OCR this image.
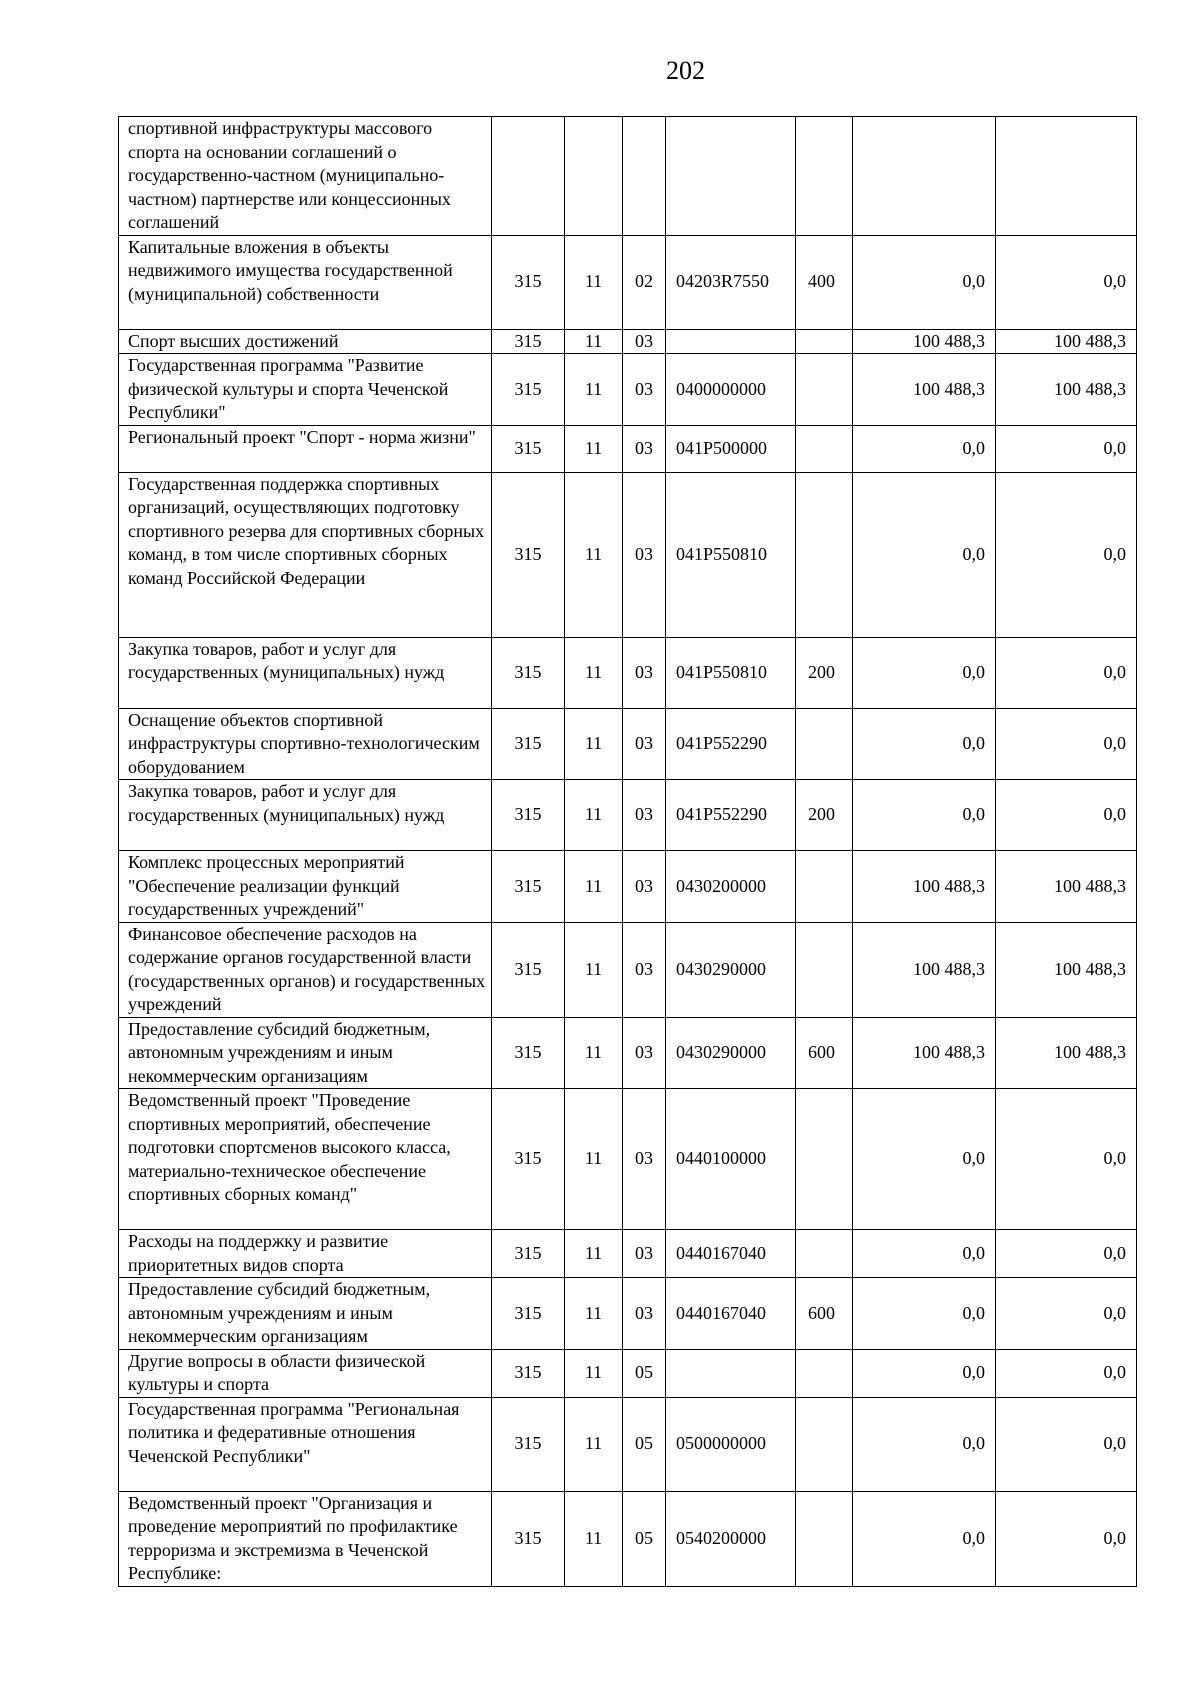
202
спортивной инфраструктуры массового спорта на основании соглашений о государственно-частном (муниципально-частном) партнерстве или концессионных соглашений							
Капитальные вложения в объекты недвижимого имущества государственной (муниципальной) собственности	315	11	02	04203R7550	400	0,0	0,0
Спорт высших достижений	315	11	03			100 488,3	100 488,3
Государственная программа "Развитие физической культуры и спорта Чеченской Республики"	315	11	03	0400000000		100 488,3	100 488,3
Региональный проект "Спорт - норма жизни"	315	11	03	041P500000		0,0	0,0
Государственная поддержка спортивных организаций, осуществляющих подготовку спортивного резерва для спортивных сборных команд, в том числе спортивных сборных команд Российской Федерации	315	11	03	041P550810		0,0	0,0
Закупка товаров, работ и услуг для государственных (муниципальных) нужд	315	11	03	041P550810	200	0,0	0,0
Оснащение объектов спортивной инфраструктуры спортивно-технологическим оборудованием	315	11	03	041P552290		0,0	0,0
Закупка товаров, работ и услуг для государственных (муниципальных) нужд	315	11	03	041P552290	200	0,0	0,0
Комплекс процессных мероприятий "Обеспечение реализации функций государственных учреждений"	315	11	03	0430200000		100 488,3	100 488,3
Финансовое обеспечение расходов на содержание органов государственной власти (государственных органов) и государственных учреждений	315	11	03	0430290000		100 488,3	100 488,3
Предоставление субсидий бюджетным, автономным учреждениям и иным некоммерческим организациям	315	11	03	0430290000	600	100 488,3	100 488,3
Ведомственный проект "Проведение спортивных мероприятий, обеспечение подготовки спортсменов высокого класса, материально-техническое обеспечение спортивных сборных команд"	315	11	03	0440100000		0,0	0,0
Расходы на поддержку и развитие приоритетных видов спорта	315	11	03	0440167040		0,0	0,0
Предоставление субсидий бюджетным, автономным учреждениям и иным некоммерческим организациям	315	11	03	0440167040	600	0,0	0,0
Другие вопросы в области физической культуры и спорта	315	11	05			0,0	0,0
Государственная программа "Региональная политика и федеративные отношения Чеченской Республики"	315	11	05	0500000000		0,0	0,0
Ведомственный проект "Организация и проведение мероприятий по профилактике терроризма и экстремизма в Чеченской Республике:	315	11	05	0540200000		0,0	0,0
